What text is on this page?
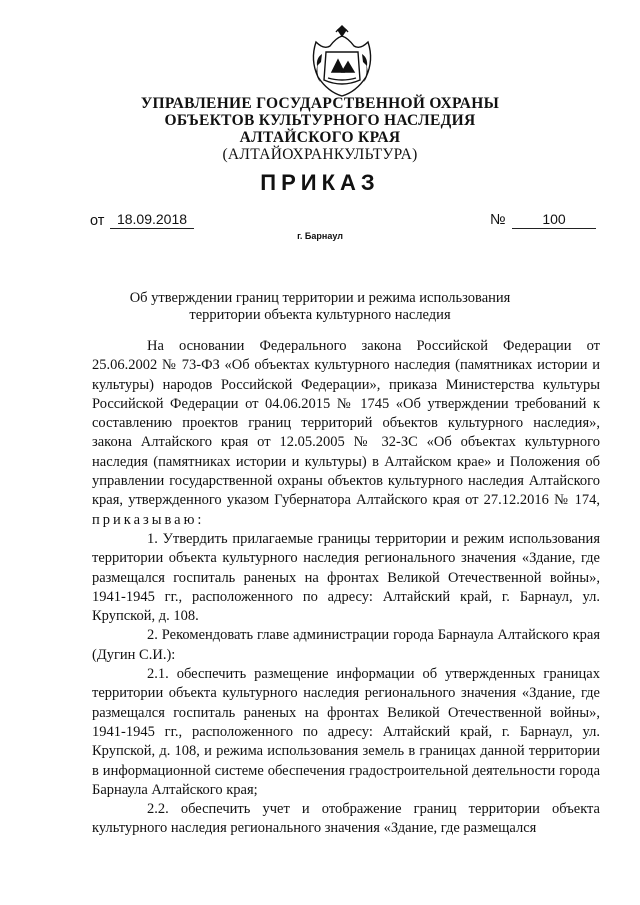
УПРАВЛЕНИЕ ГОСУДАРСТВЕННОЙ ОХРАНЫ
ОБЪЕКТОВ КУЛЬТУРНОГО НАСЛЕДИЯ
АЛТАЙСКОГО КРАЯ
(АЛТАЙОХРАНКУЛЬТУРА)
ПРИКАЗ
от 18.09.2018	№	100
г. Барнаул
Об утверждении границ территории и режима использования
территории объекта культурного наследия

На основании Федерального закона Российской Федерации от 25.06.2002 № 73-ФЗ «Об объектах культурного наследия (памятниках истории и культуры) народов Российской Федерации», приказа Министерства культуры Российской Федерации от 04.06.2015 № 1745 «Об утверждении требований к составлению проектов границ территорий объектов культурного наследия», закона Алтайского края от 12.05.2005 № 32-ЗС «Об объектах культурного наследия (памятниках истории и культуры) в Алтайском крае» и Положения об управлении государственной охраны объектов культурного наследия Алтайского края, утвержденного указом Губернатора Алтайского края от 27.12.2016 № 174, приказываю:

1. Утвердить прилагаемые границы территории и режим использования территории объекта культурного наследия регионального значения «Здание, где размещался госпиталь раненых на фронтах Великой Отечественной войны», 1941-1945 гг., расположенного по адресу: Алтайский край, г. Барнаул, ул. Крупской, д. 108.

2. Рекомендовать главе администрации города Барнаула Алтайского края (Дугин С.И.):

2.1. обеспечить размещение информации об утвержденных границах территории объекта культурного наследия регионального значения «Здание, где размещался госпиталь раненых на фронтах Великой Отечественной войны», 1941-1945 гг., расположенного по адресу: Алтайский край, г. Барнаул, ул. Крупской, д. 108, и режима использования земель в границах данной территории в информационной системе обеспечения градостроительной деятельности города Барнаула Алтайского края;

2.2. обеспечить учет и отображение границ территории объекта культурного наследия регионального значения «Здание, где размещался
